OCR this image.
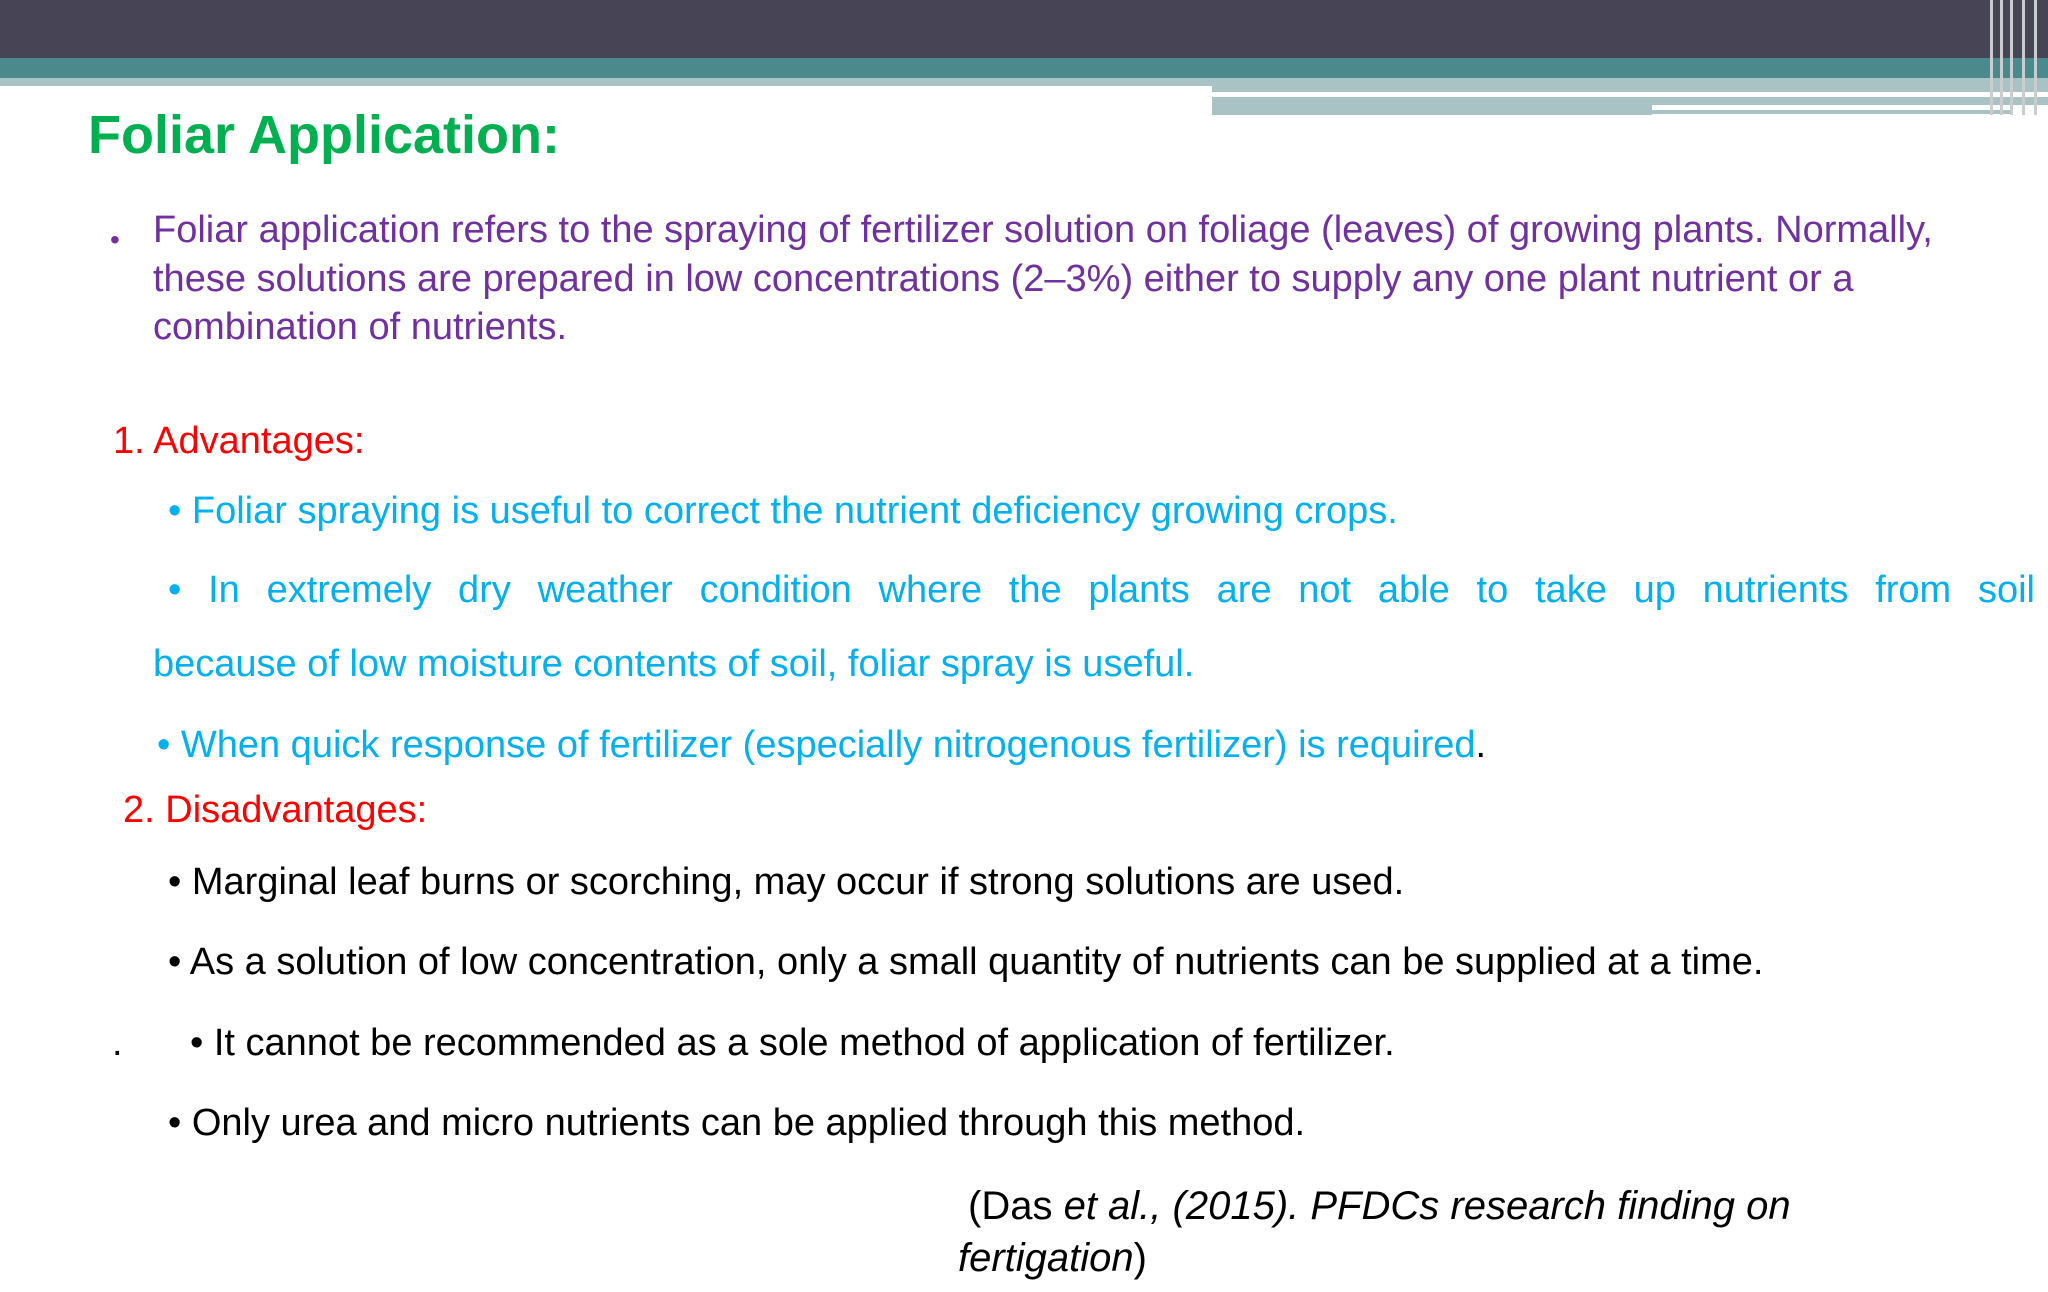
Foliar Application:
• Foliar application refers to the spraying of fertilizer solution on foliage (leaves) of growing plants. Normally, these solutions are prepared in low concentrations (2–3%) either to supply any one plant nutrient or a combination of nutrients.
1. Advantages:
• Foliar spraying is useful to correct the nutrient deficiency growing crops.
• In extremely dry weather condition where the plants are not able to take up nutrients from soil
because of low moisture contents of soil, foliar spray is useful.
• When quick response of fertilizer (especially nitrogenous fertilizer) is required.
2. Disadvantages:
• Marginal leaf burns or scorching, may occur if strong solutions are used.
• As a solution of low concentration, only a small quantity of nutrients can be supplied at a time.
. • It cannot be recommended as a sole method of application of fertilizer.
• Only urea and micro nutrients can be applied through this method.
(Das et al., (2015). PFDCs research finding on fertigation)
